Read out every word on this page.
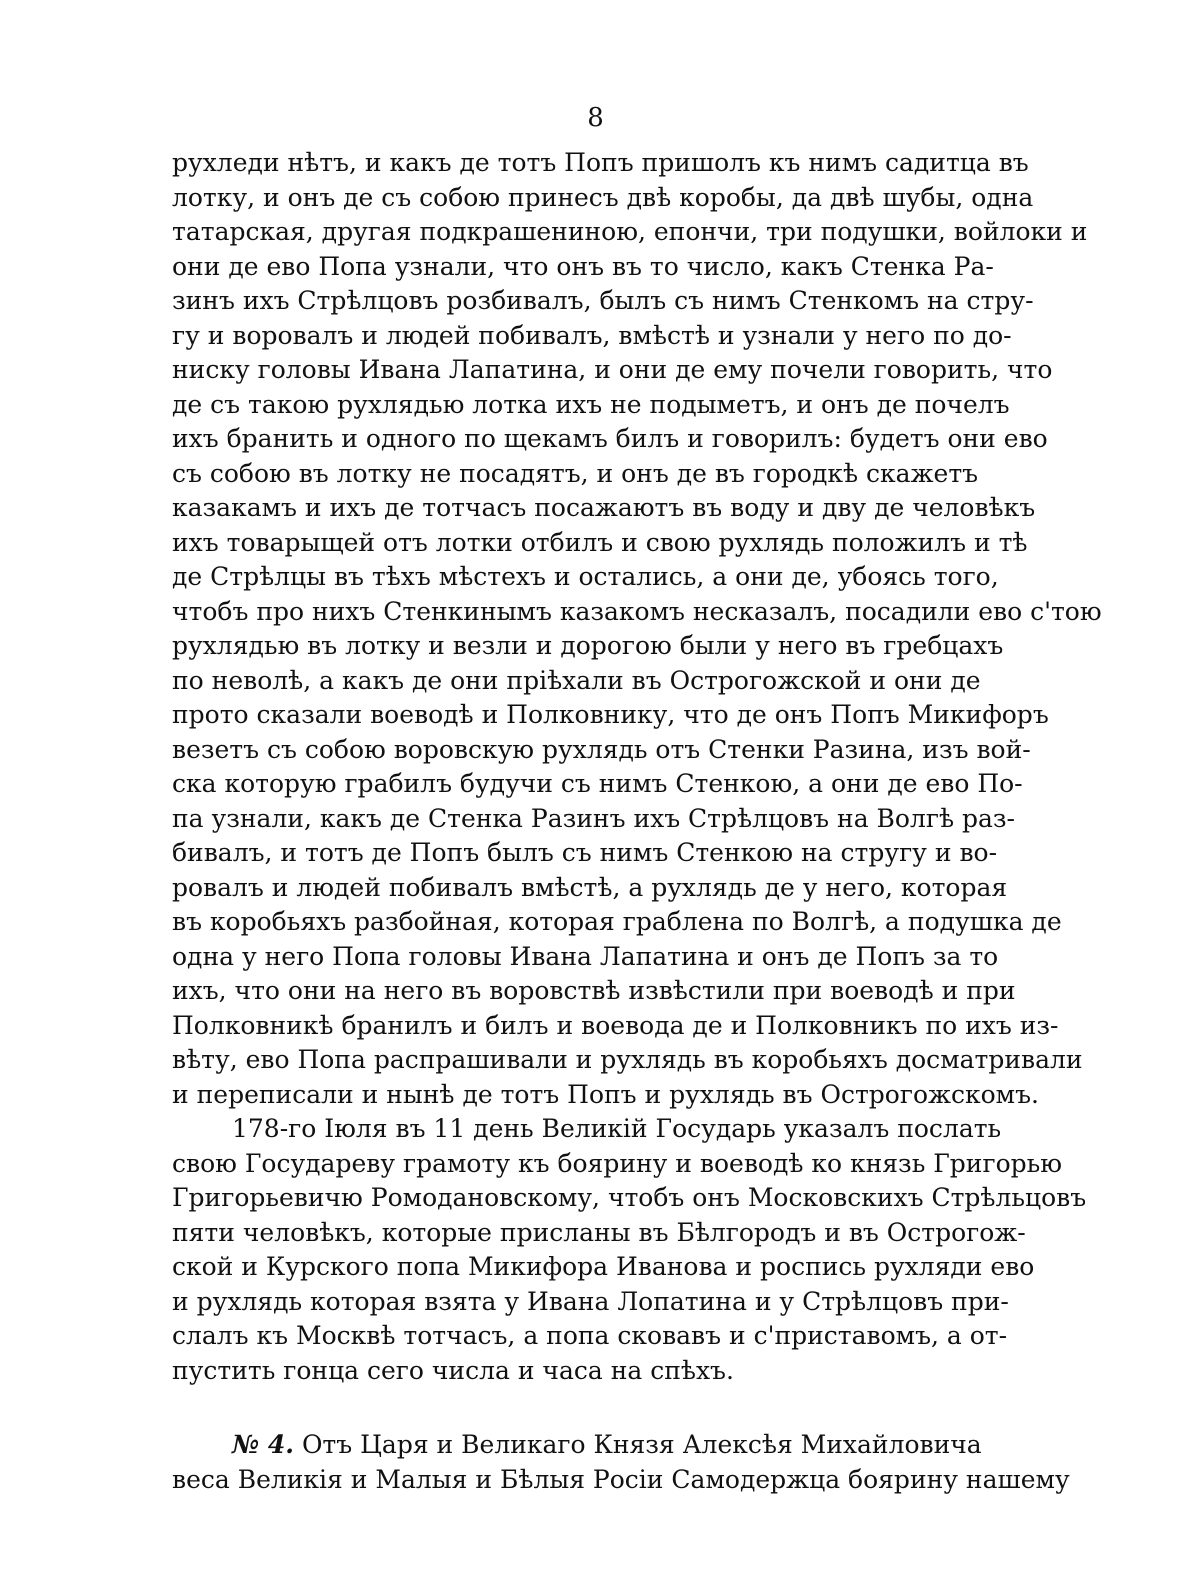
8
рухледи нѣтъ, и какъ де тотъ Попъ пришолъ къ нимъ садитца въ
лотку, и онъ де съ собою принесъ двѣ коробы, да двѣ шубы, одна
татарская, другая подкрашениною, епончи, три подушки, войлоки и
они де ево Попа узнали, что онъ въ то число, какъ Стенка Ра-
зинъ ихъ Стрѣлцовъ розбивалъ, былъ съ нимъ Стенкомъ на стру-
гу и воровалъ и людей побивалъ, вмѣстѣ и узнали у него по до-
ниску головы Ивана Лапатина, и они де ему почели говорить, что
де съ такою рухлядью лотка ихъ не подыметъ, и онъ де почелъ
ихъ бранить и одного по щекамъ билъ и говорилъ: будетъ они ево
съ собою въ лотку не посадятъ, и онъ де въ городкѣ скажетъ
казакамъ и ихъ де тотчасъ посажаютъ въ воду и дву де человѣкъ
ихъ товарыщей отъ лотки отбилъ и свою рухлядь положилъ и тѣ
де Стрѣлцы въ тѣхъ мѣстехъ и остались, а они де, убоясь того,
чтобъ про нихъ Стенкинымъ казакомъ несказалъ, посадили ево с'тою
рухлядью въ лотку и везли и дорогою были у него въ гребцахъ
по неволѣ, а какъ де они пріѣхали въ Острогожской и они де
прото сказали воеводѣ и Полковнику, что де онъ Попъ Микифоръ
везетъ съ собою воровскую рухлядь отъ Стенки Разина, изъ вой-
ска которую грабилъ будучи съ нимъ Стенкою, а они де ево По-
па узнали, какъ де Стенка Разинъ ихъ Стрѣлцовъ на Волгѣ раз-
бивалъ, и тотъ де Попъ былъ съ нимъ Стенкою на стругу и во-
ровалъ и людей побивалъ вмѣстѣ, а рухлядь де у него, которая
въ коробьяхъ разбойная, которая граблена по Волгѣ, а подушка де
одна у него Попа головы Ивана Лапатина и онъ де Попъ за то
ихъ, что они на него въ воровствѣ извѣстили при воеводѣ и при
Полковникѣ бранилъ и билъ и воевода де и Полковникъ по ихъ из-
вѣту, ево Попа распрашивали и рухлядь въ коробьяхъ досматривали
и переписали и нынѣ де тотъ Попъ и рухлядь въ Острогожскомъ.
178-го Іюля въ 11 день Великій Государь указалъ послать
свою Государеву грамоту къ боярину и воеводѣ ко князь Григорью
Григорьевичю Ромодановскому, чтобъ онъ Московскихъ Стрѣльцовъ
пяти человѣкъ, которые присланы въ Бѣлгородъ и въ Острогож-
ской и Курского попа Микифора Иванова и роспись рухляди ево
и рухлядь которая взята у Ивана Лопатина и у Стрѣлцовъ при-
слалъ къ Москвѣ тотчасъ, а попа сковавъ и с'приставомъ, а от-
пустить гонца сего числа и часа на спѣхъ.
№ 4. Отъ Царя и Великаго Князя Алексѣя Михайловича
веса Великія и Малыя и Бѣлыя Росіи Самодержца боярину нашему
